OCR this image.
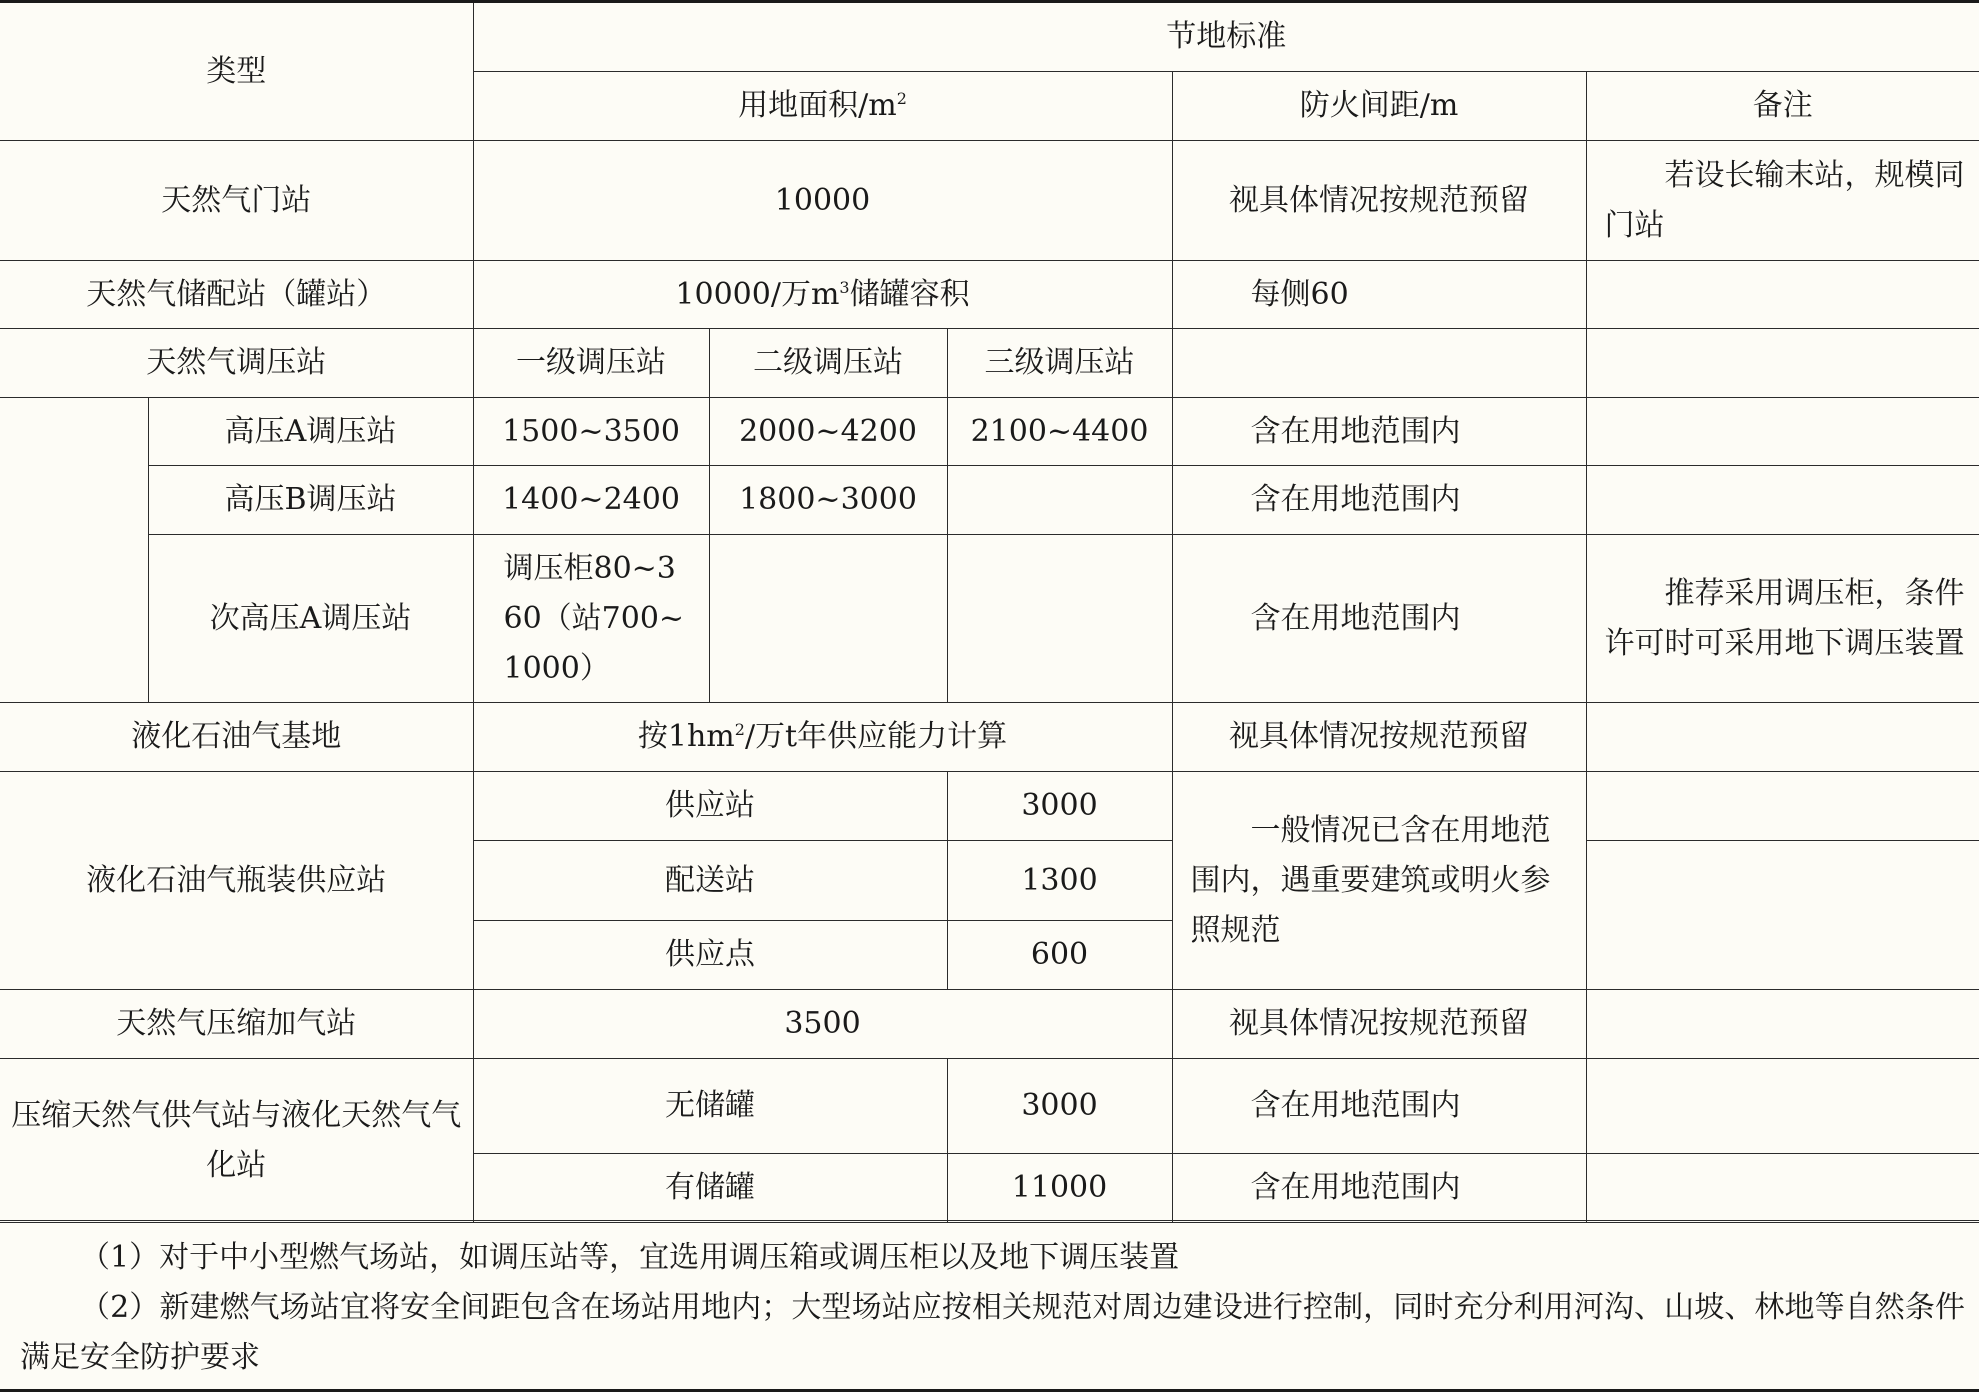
类型		节地标准				
		用地面积$/m^2$			防火间距/m	备注
天然气门站		10000			视具体情况按规范预留	若设长输末站，规模同门站
天然气储配站（罐站）		10000/万$m^3$储罐容积			每侧60	
天然气调压站		一级调压站	二级调压站	三级调压站		
	高压A调压站	1500~3500	2000~4200	2100~4400	含在用地范围内	
	高压B调压站	1400~2400	1800~3000		含在用地范围内	
	次高压A调压站	调压柜80~360（站700~1000）			含在用地范围内	推荐采用调压柜，条件许可时可采用地下调压装置
液化石油气基地		按$1hm^2/$万t年供应能力计算			视具体情况按规范预留	
液化石油气瓶装供应站		供应站		3000	一般情况已含在用地范围内，遇重要建筑或明火参照规范	
		配送站		1300		
		供应点		600		
天然气压缩加气站		3500			视具体情况按规范预留	
压缩天然气供气站与液化天然气气化站		无储罐		3000	含在用地范围内	
		有储罐		11000	含在用地范围内	
（1）对于中小型燃气场站，如调压站等，宜选用调压箱或调压柜以及地下调压装置
（2）新建燃气场站宜将安全间距包含在场站用地内；大型场站应按相关规范对周边建设进行控制，同时充分利用河沟、山坡、林地等自然条件满足安全防护要求
